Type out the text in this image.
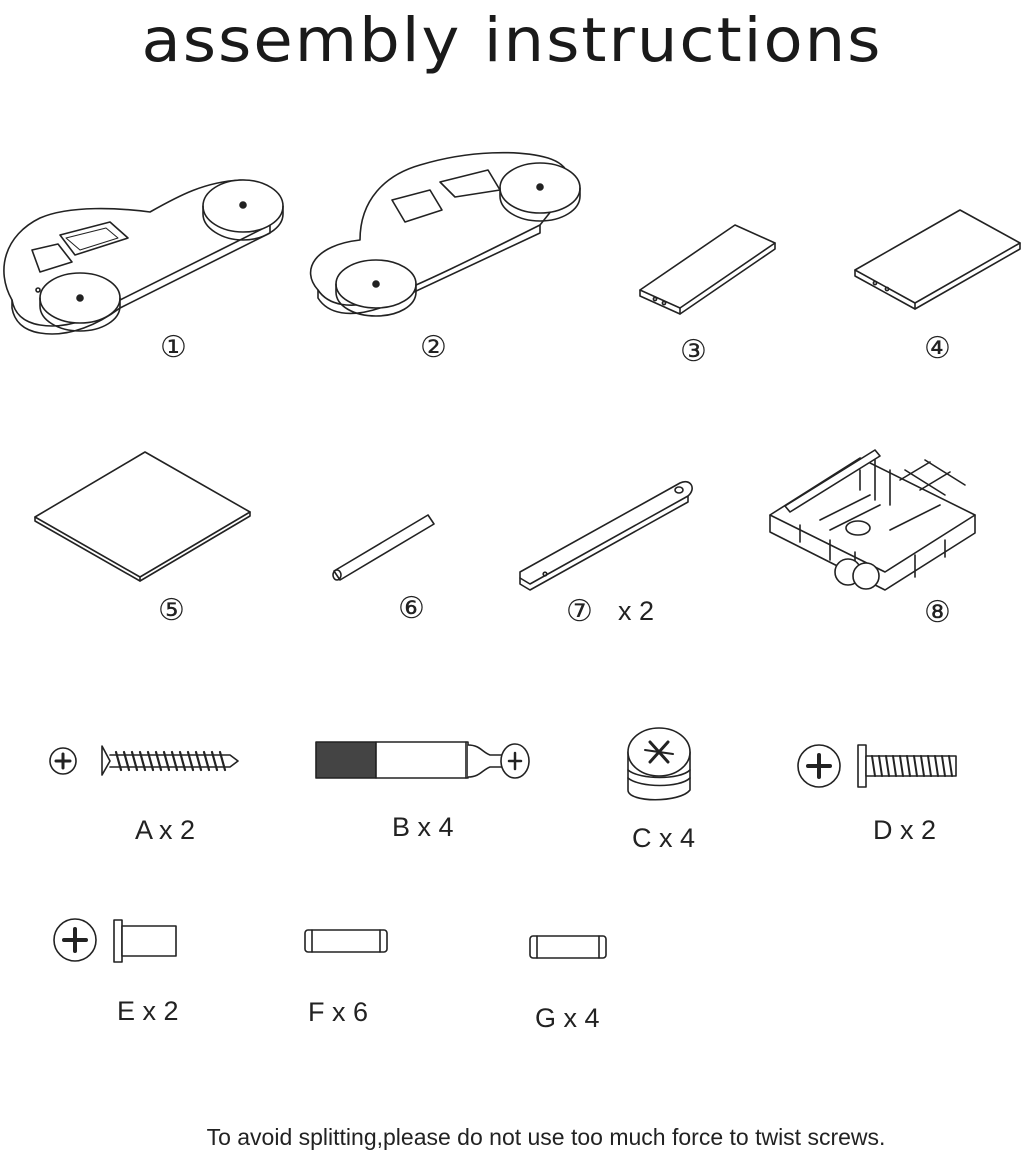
assembly instructions
①	②	③	④
⑤	⑥	⑦ x 2	⑧
A x 2	B x 4	C x 4	D x 2
E x 2	F x 6	G x 4
To avoid splitting,please do not use too much force to twist screws.
